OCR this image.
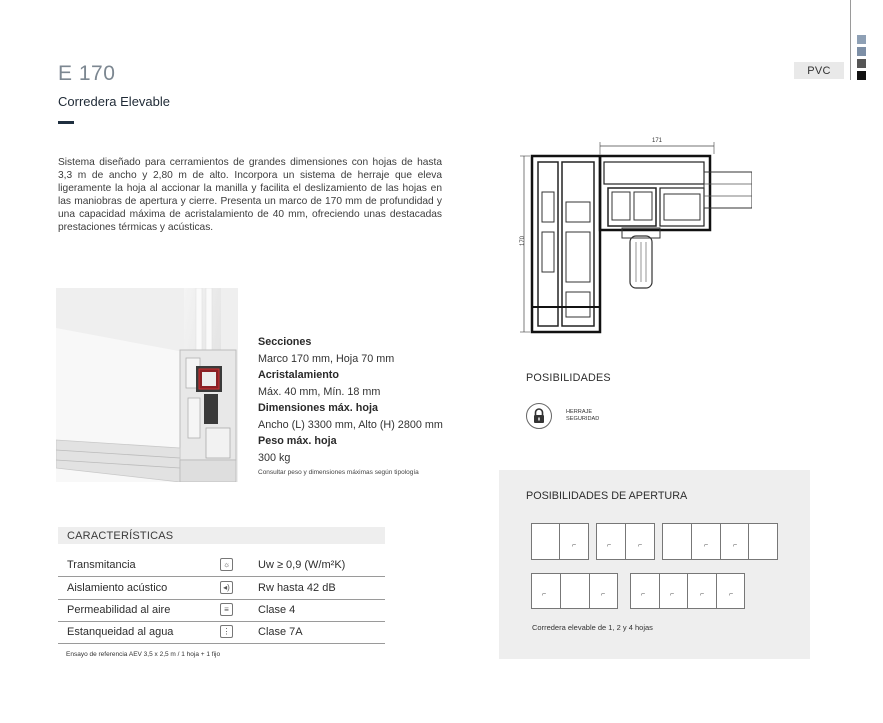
PVC
E 170
Corredera Elevable
Sistema diseñado para cerramientos de grandes dimensiones con hojas de hasta 3,3 m de ancho y 2,80 m de alto. Incorpora un sistema de herraje que eleva ligeramente la hoja al accionar la manilla y facilita el deslizamiento de las hojas en las maniobras de apertura y cierre. Presenta un marco de 170 mm de profundidad y una capacidad máxima de acristalamiento de 40 mm, ofreciendo unas destacadas prestaciones térmicas y acústicas.
171
170
Secciones
Marco 170 mm, Hoja 70 mm
Acristalamiento
Máx. 40 mm, Mín. 18 mm
Dimensiones máx. hoja
Ancho (L) 3300 mm, Alto (H) 2800 mm
Peso máx. hoja
300 kg
Consultar peso y dimensiones máximas según tipología
CARACTERÍSTICAS
Transmitancia	☼	Uw ≥ 0,9 (W/m²K)
Aislamiento acústico	◂)	Rw hasta 42 dB
Permeabilidad al aire	≡	Clase 4
Estanqueidad al agua	⋮	Clase 7A
Ensayo de referencia AEV 3,5 x 2,5 m / 1 hoja + 1 fijo
POSIBILIDADES
HERRAJE
SEGURIDAD
POSIBILIDADES DE APERTURA
⌐	⌐	⌐	⌐	⌐
⌐	⌐	⌐	⌐	⌐	⌐
Corredera elevable de 1, 2 y 4 hojas
